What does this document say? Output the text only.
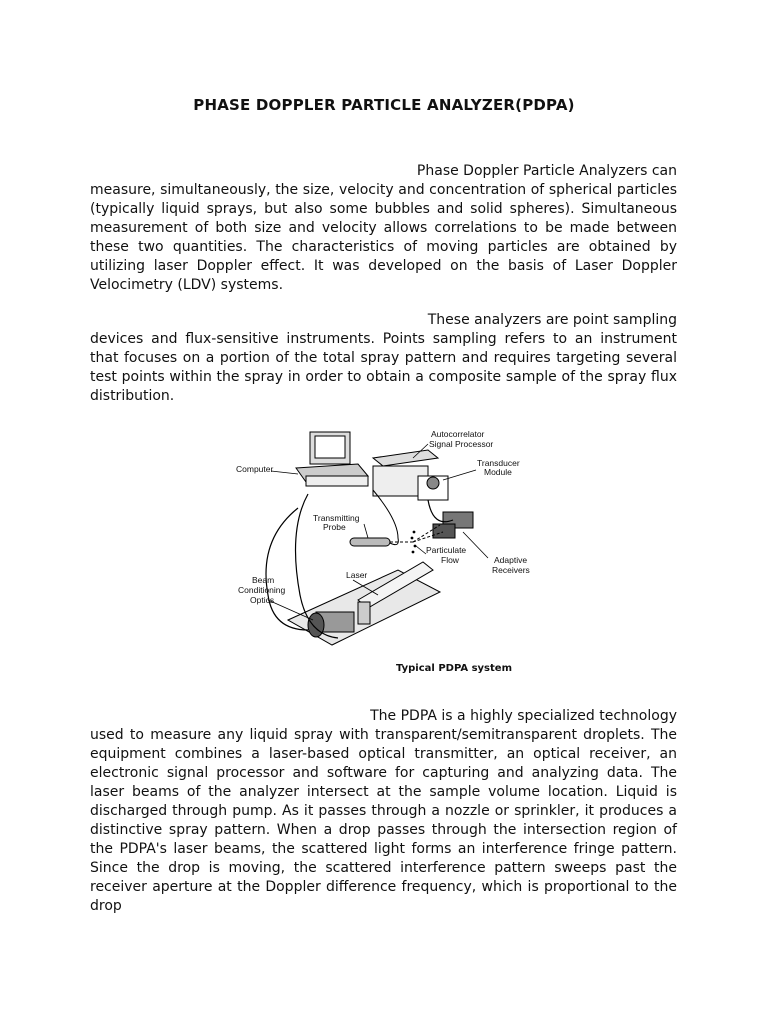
PHASE DOPPLER PARTICLE ANALYZER(PDPA)
Phase Doppler Particle Analyzers can
measure, simultaneously, the size, velocity and concentration of spherical particles (typically liquid sprays, but also some bubbles and solid spheres). Simultaneous measurement of both size and velocity allows correlations to be made between these two quantities. The characteristics of moving particles are obtained by utilizing laser Doppler effect. It was developed on the basis of Laser Doppler Velocimetry (LDV) systems.
These analyzers are point sampling
devices and flux-sensitive instruments. Points sampling refers to an instrument that focuses on a portion of the total spray pattern and requires targeting several test points within the spray in order to obtain a composite sample of the spray flux distribution.
Autocorrelator
Signal Processor
Computer
Transducer
Module
Transmitting
Probe
Particulate
Flow	Adaptive
Receivers
Laser
Beam
Conditioning
Optics
Typical PDPA system
The PDPA is a highly specialized technology
used to measure any liquid spray with transparent/semitransparent droplets. The equipment combines a laser-based optical transmitter, an optical receiver, an electronic signal processor and software for capturing and analyzing data. The laser beams of the analyzer intersect at the sample volume location. Liquid is discharged through pump. As it passes through a nozzle or sprinkler, it produces a distinctive spray pattern. When a drop passes through the intersection region of the PDPA's laser beams, the scattered light forms an interference fringe pattern. Since the drop is moving, the scattered interference pattern sweeps past the receiver aperture at the Doppler difference frequency, which is proportional to the drop
